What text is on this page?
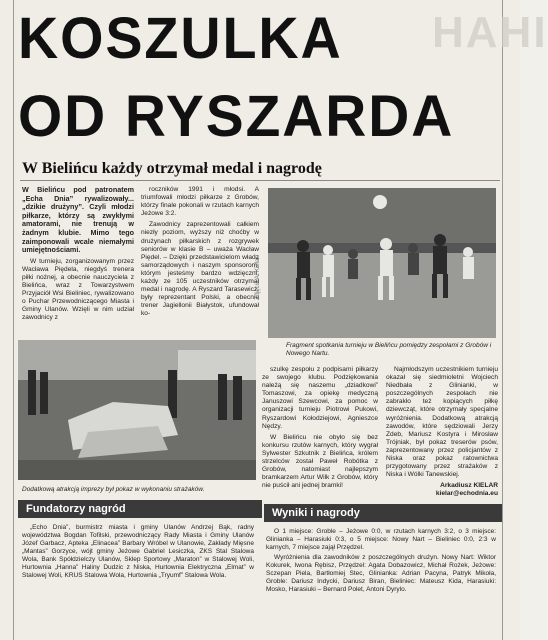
HAHI
KOSZULKA
OD RYSZARDA
W Bielińcu każdy otrzymał medal i nagrodę

W Bielińcu pod patronatem „Echa Dnia” rywalizowały... „dzikie drużyny”. Czyli młodzi piłkarze, którzy są zwykłymi amatorami, nie trenują w żadnym klubie. Mimo tego zaimponowali wcale niemałymi umiejętnościami.

W turnieju, zorganizowanym przez Wacława Piędela, niegdyś trenera piłki nożnej, a obecnie nauczyciela z Bielińca, wraz z Towarzystwem Przyjaciół Wsi Bieliniec, rywalizowano o Puchar Przewodniczącego Miasta i Gminy Ulanów. Wzięli w nim udział zawodnicy z

roczników 1991 i młodsi. A triumfowali młodzi piłkarze z Grobów, którzy finale pokonali w rzutach karnych Jeżowe 3:2.

Zawodnicy zaprezentowali całkiem niezły poziom, wyższy niż choćby w drużynach piłkarskich z rozgrywek seniorów w klasie B – uważa Wacław Piędel. – Dzięki przedstawicielom władz samorządowych i naszym sponsorom, którym jesteśmy bardzo wdzięczni, każdy ze 105 uczestników otrzymał medal i nagrodę. A Ryszard Tarasewicz, były reprezentant Polski, a obecnie trener Jagiellonii Białystok, ufundował ko-

Fragment spotkania turnieju w Bielińcu pomiędzy zespołami z Grobów i Nowego Nartu.
Zdjęcia A. Kielar
Dodatkową atrakcją imprezy był pokaz w wykonaniu strażaków.

szulkę zespołu z podpisami piłkarzy ze swojego klubu. Podziękowania należą się naszemu „dziadkowi” Tomaszowi, za opiekę medyczną Januszowi Szewcowi, za pomoc w organizacji turnieju Piotrowi Pukowi, Ryszardowi Kołodziejowi, Agnieszce Nędzy.

W Bielińcu nie obyło się bez konkursu rzutów karnych, który wygrał Sylwester Szkutnik z Bielińca, królem strzelców został Paweł Robótka z Grobów, natomiast najlepszym bramkarzem Artur Wilk z Grobów, który nie puścił ani jednej bramki!

Najmłodszym uczestnikiem turnieju okazał się siedmioletni Wojciech Niedbała z Glinianki, w poszczególnych zespołach nie zabrakło też kopiących piłkę dziewcząt, które otrzymały specjalne wyróżnienia. Dodatkową atrakcją zawodów, które sędziowali Jerzy Zdeb, Mariusz Kostyra i Mirosław Trójniak, był pokaz treserów psów, zaprezentowany przez policjantów z Niska oraz pokaz ratownictwa przygotowany przez strażaków z Niska i Wólki Tanewskiej.

Arkadiusz KIELAR
kielar@echodnia.eu
Fundatorzy nagród

„Echo Dnia”, burmistrz miasta i gminy Ulanów Andrzej Bąk, radny województwa Bogdan Tofilski, przewodniczący Rady Miasta i Gminy Ulanów Józef Garbacz, Apteka „Elinacea” Barbary Wróbel w Ulanowie, Zakłady Mięsne „Mantas” Gorzyce, wójt gminy Jeżowe Gabriel Lesiczka, ZKS Stal Stalowa Wola, Bank Spółdzielczy Ulanów, Sklep Sportowy „Maraton” w Stalowej Woli, Hurtownia „Hanna” Haliny Dudzic z Niska, Hurtownia Elektryczna „Elmat” w Stalowej Woli, KRUS Stalowa Wola, Hurtownia „Tryumf” Stalowa Wola.

Wyniki i nagrody

O 1 miejsce: Groble – Jeżowe 0:0, w rzutach karnych 3:2, o 3 miejsce: Glinianka – Harasiuki 0:3, o 5 miejsce: Nowy Nart – Bieliniec 0:0, 2:3 w karnych, 7 miejsce zajął Przędzel.

Wyróżnienia dla zawodników z poszczególnych drużyn. Nowy Nart: Wiktor Kokurek, Iwona Rębisz, Przędzel: Agata Dobazowicz, Michał Rożek, Jeżowe: Sczepan Piela, Bartłomiej Stec, Glinianka: Adrian Pacyna, Patryk Mikoła, Groble: Dariusz Indycki, Dariusz Biran, Bieliniec: Mateusz Kida, Harasiuki: Mosko, Harasiuki – Bernard Polet, Antoni Dyrylo.
